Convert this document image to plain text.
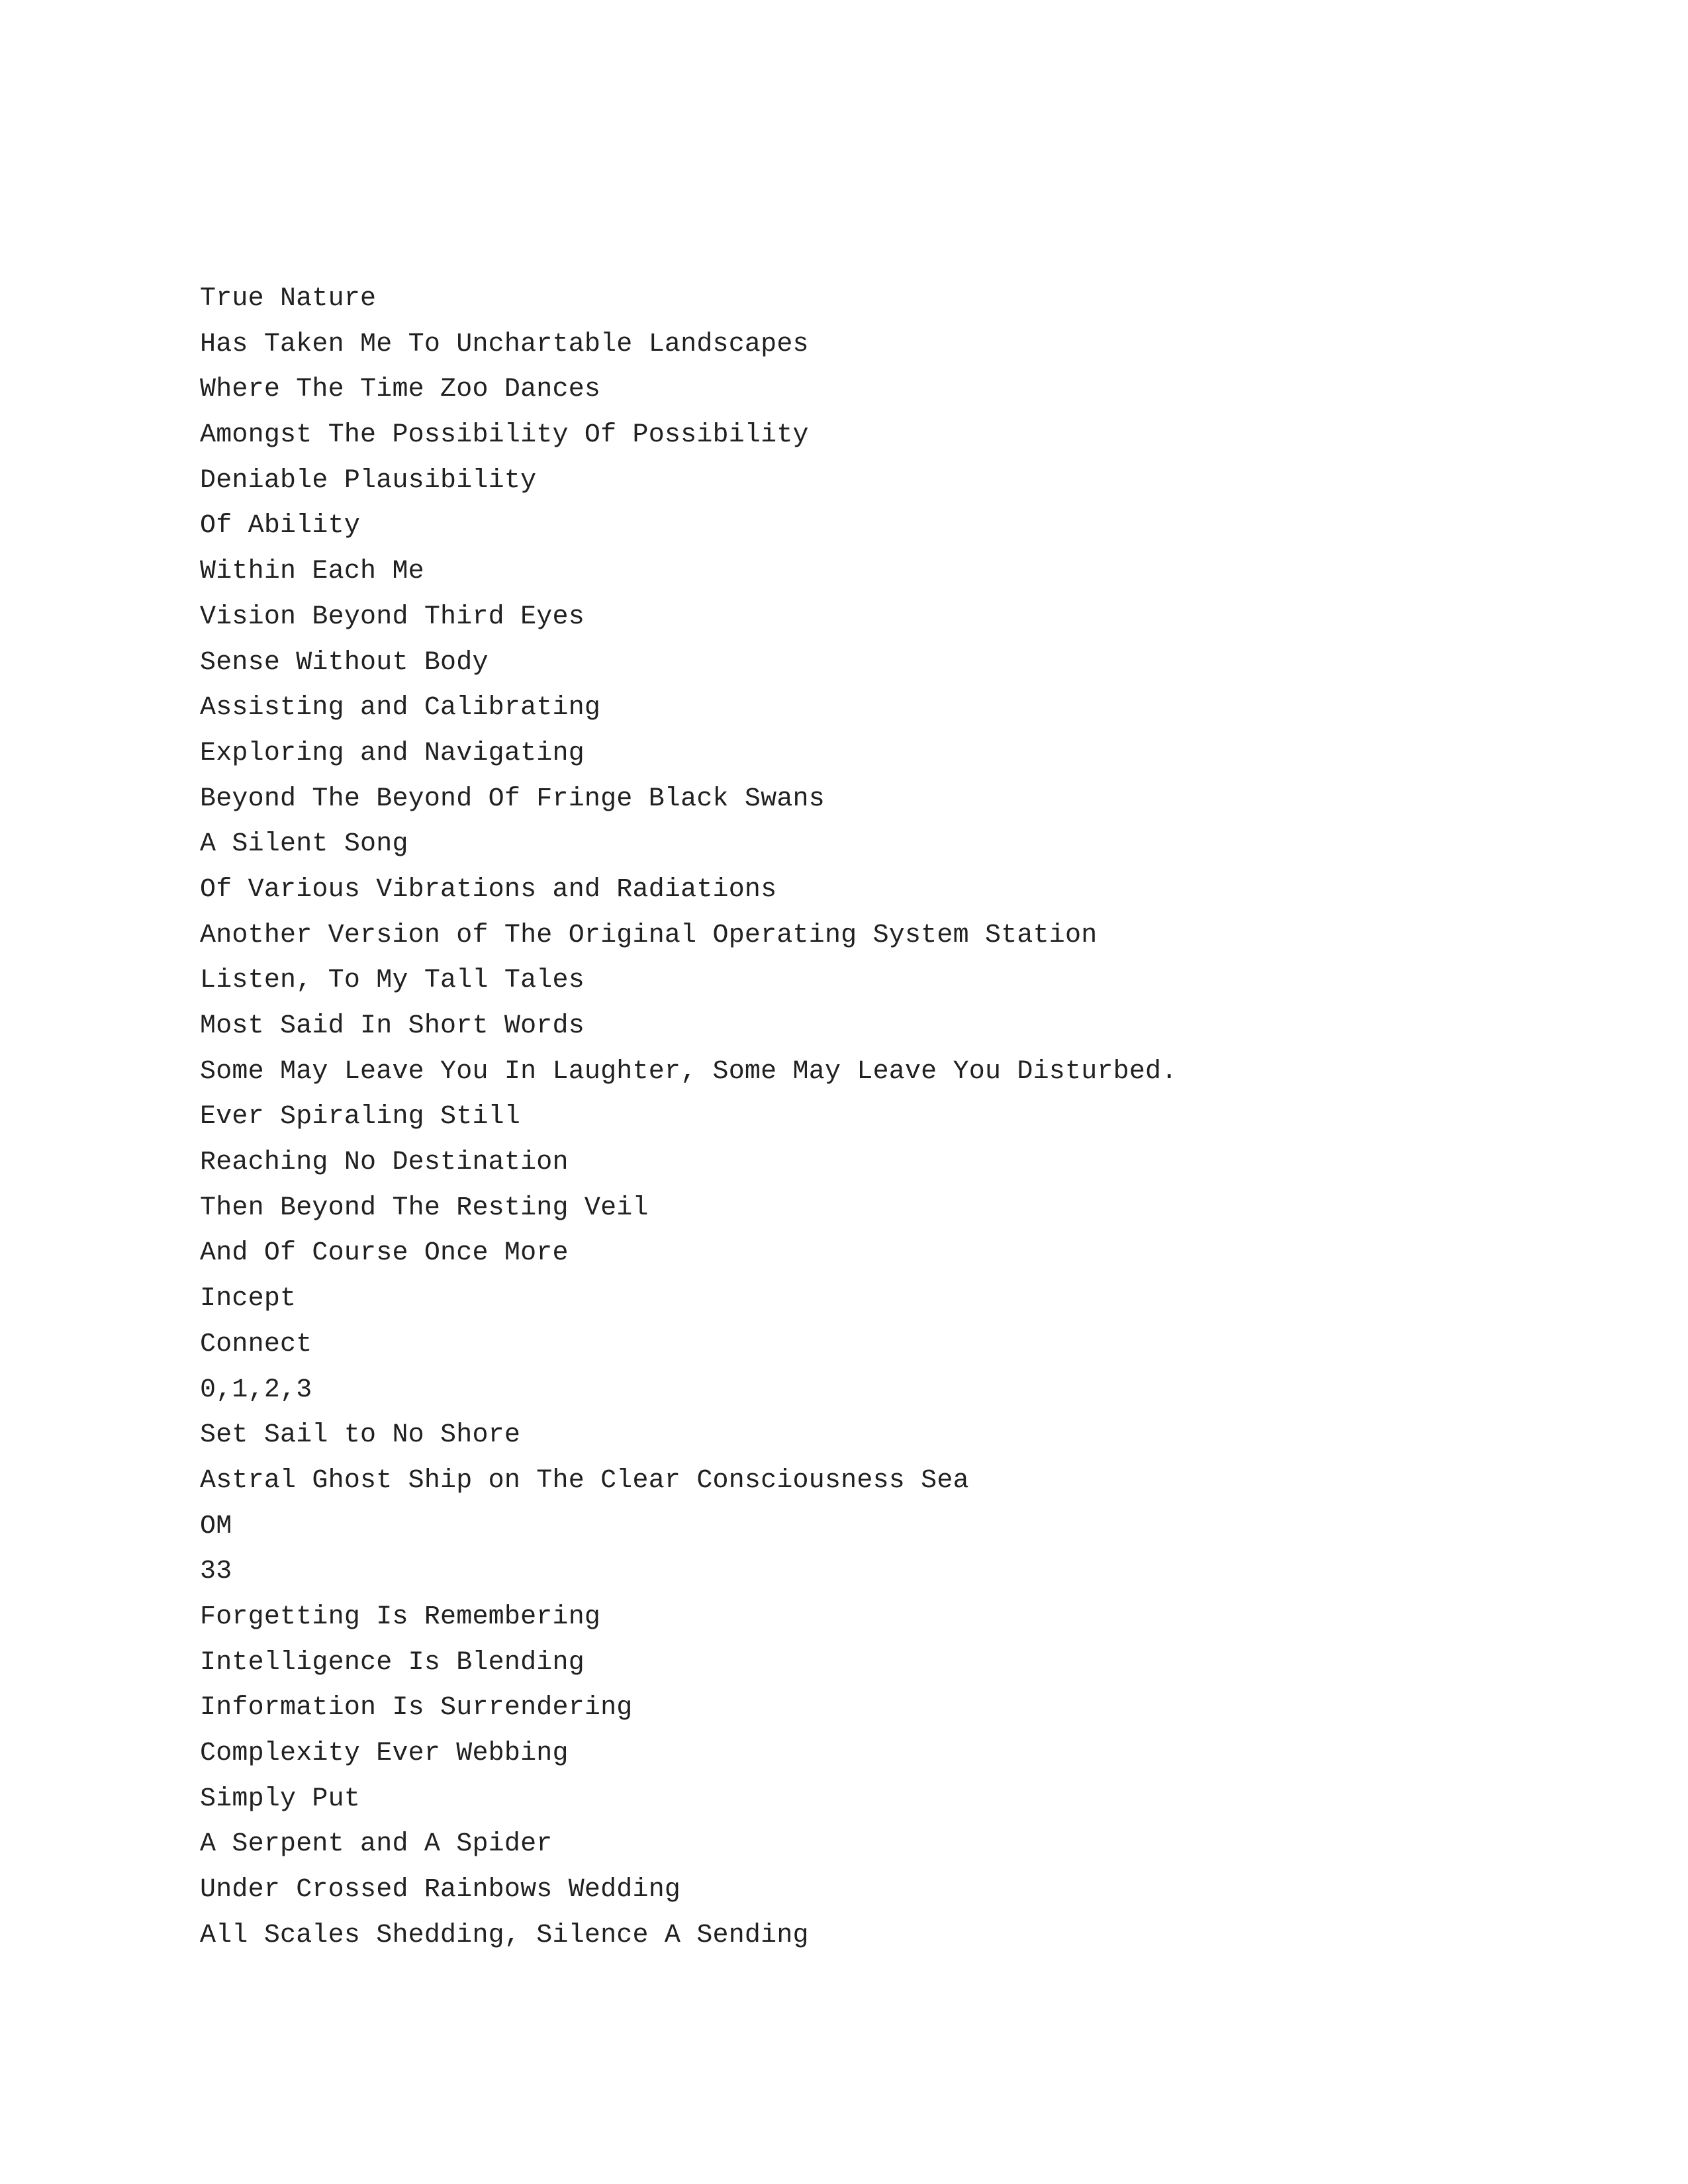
True Nature
Has Taken Me To Unchartable Landscapes
Where The Time Zoo Dances
Amongst The Possibility Of Possibility
Deniable Plausibility
Of Ability
Within Each Me
Vision Beyond Third Eyes
Sense Without Body
Assisting and Calibrating
Exploring and Navigating
Beyond The Beyond Of Fringe Black Swans
A Silent Song
Of Various Vibrations and Radiations
Another Version of The Original Operating System Station
Listen, To My Tall Tales
Most Said In Short Words
Some May Leave You In Laughter, Some May Leave You Disturbed.
Ever Spiraling Still
Reaching No Destination
Then Beyond The Resting Veil
And Of Course Once More
Incept
Connect
0,1,2,3
Set Sail to No Shore
Astral Ghost Ship on The Clear Consciousness Sea
OM
33
Forgetting Is Remembering
Intelligence Is Blending
Information Is Surrendering
Complexity Ever Webbing
Simply Put
A Serpent and A Spider
Under Crossed Rainbows Wedding
All Scales Shedding, Silence A Sending
